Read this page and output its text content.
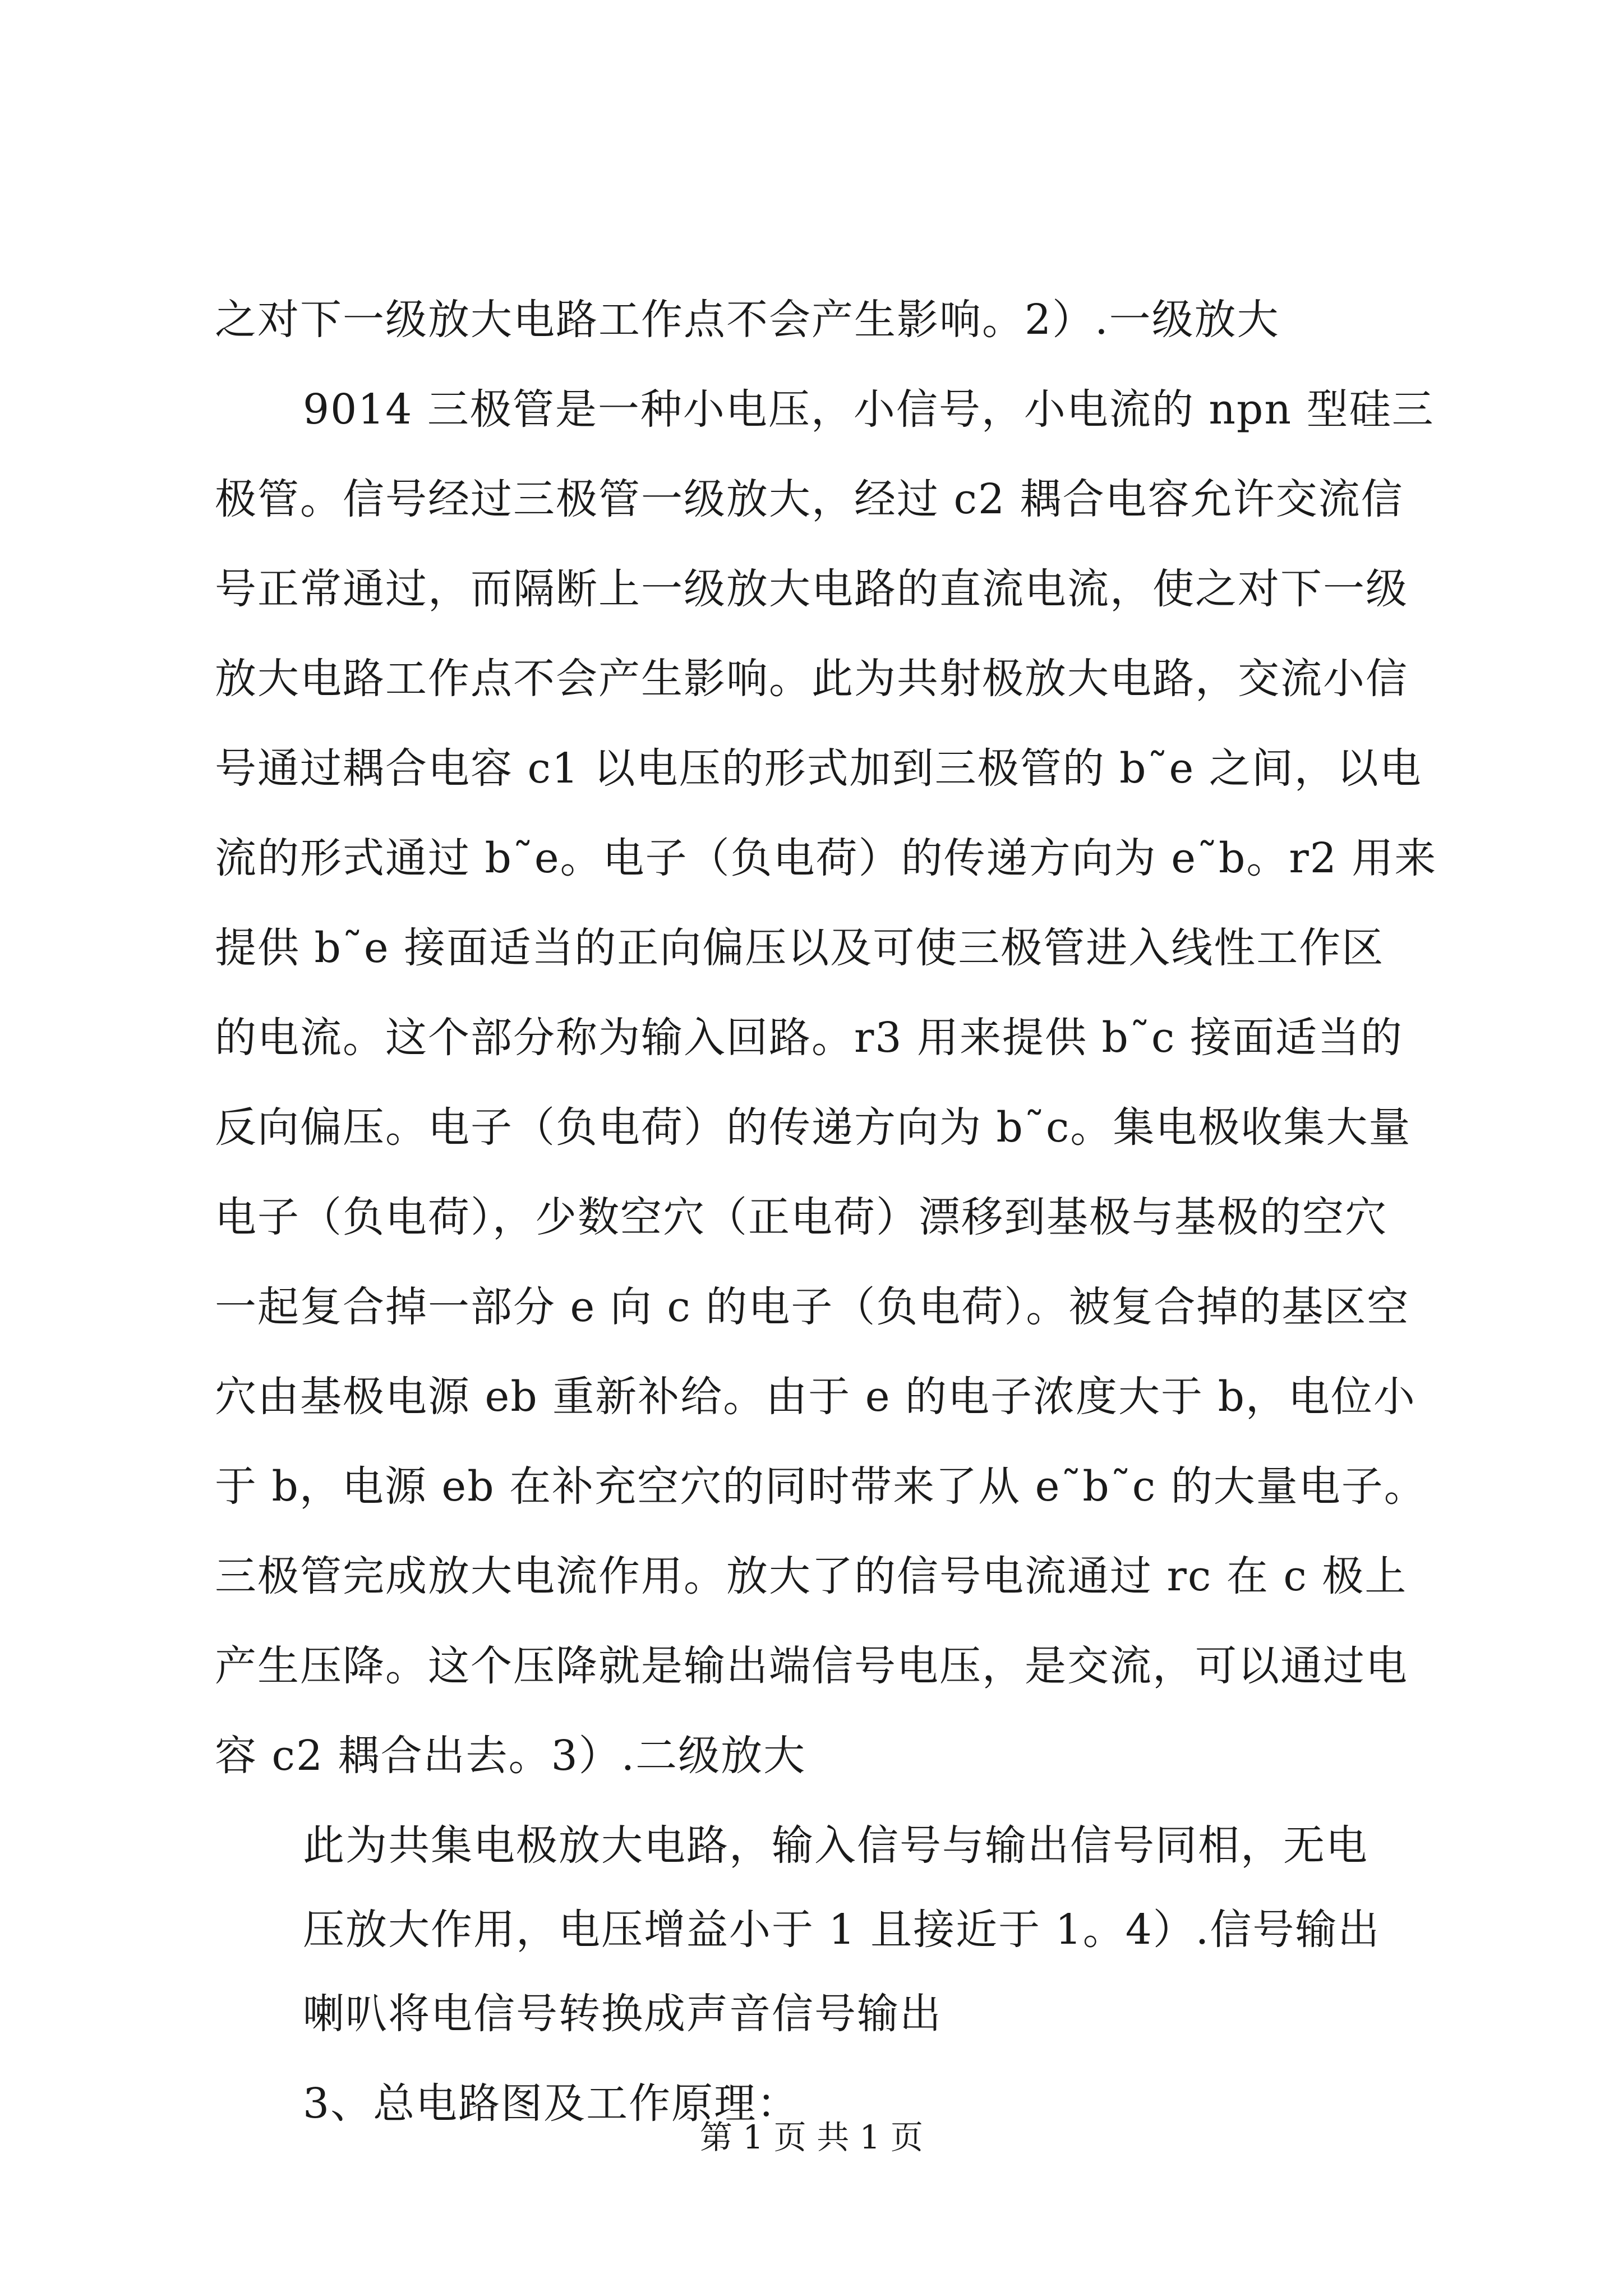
之对下一级放大电路工作点不会产生影响。2）.一级放大
9014 三极管是一种小电压，小信号，小电流的 npn 型硅三
极管。信号经过三极管一级放大，经过 c2 耦合电容允许交流信
号正常通过，而隔断上一级放大电路的直流电流，使之对下一级
放大电路工作点不会产生影响。此为共射极放大电路，交流小信
号通过耦合电容 c1 以电压的形式加到三极管的 b˜e 之间，以电
流的形式通过 b˜e。电子（负电荷）的传递方向为 e˜b。r2 用来
提供 b˜e 接面适当的正向偏压以及可使三极管进入线性工作区
的电流。这个部分称为输入回路。r3 用来提供 b˜c 接面适当的
反向偏压。电子（负电荷）的传递方向为 b˜c。集电极收集大量
电子（负电荷），少数空穴（正电荷）漂移到基极与基极的空穴
一起复合掉一部分 e 向 c 的电子（负电荷）。被复合掉的基区空
穴由基极电源 eb 重新补给。由于 e 的电子浓度大于 b，电位小
于 b，电源 eb 在补充空穴的同时带来了从 e˜b˜c 的大量电子。
三极管完成放大电流作用。放大了的信号电流通过 rc 在 c 极上
产生压降。这个压降就是输出端信号电压，是交流，可以通过电
容 c2 耦合出去。3）.二级放大
此为共集电极放大电路，输入信号与输出信号同相，无电
压放大作用，电压增益小于 1 且接近于 1。4）.信号输出
喇叭将电信号转换成声音信号输出
3、总电路图及工作原理：
第 1 页 共 1 页
